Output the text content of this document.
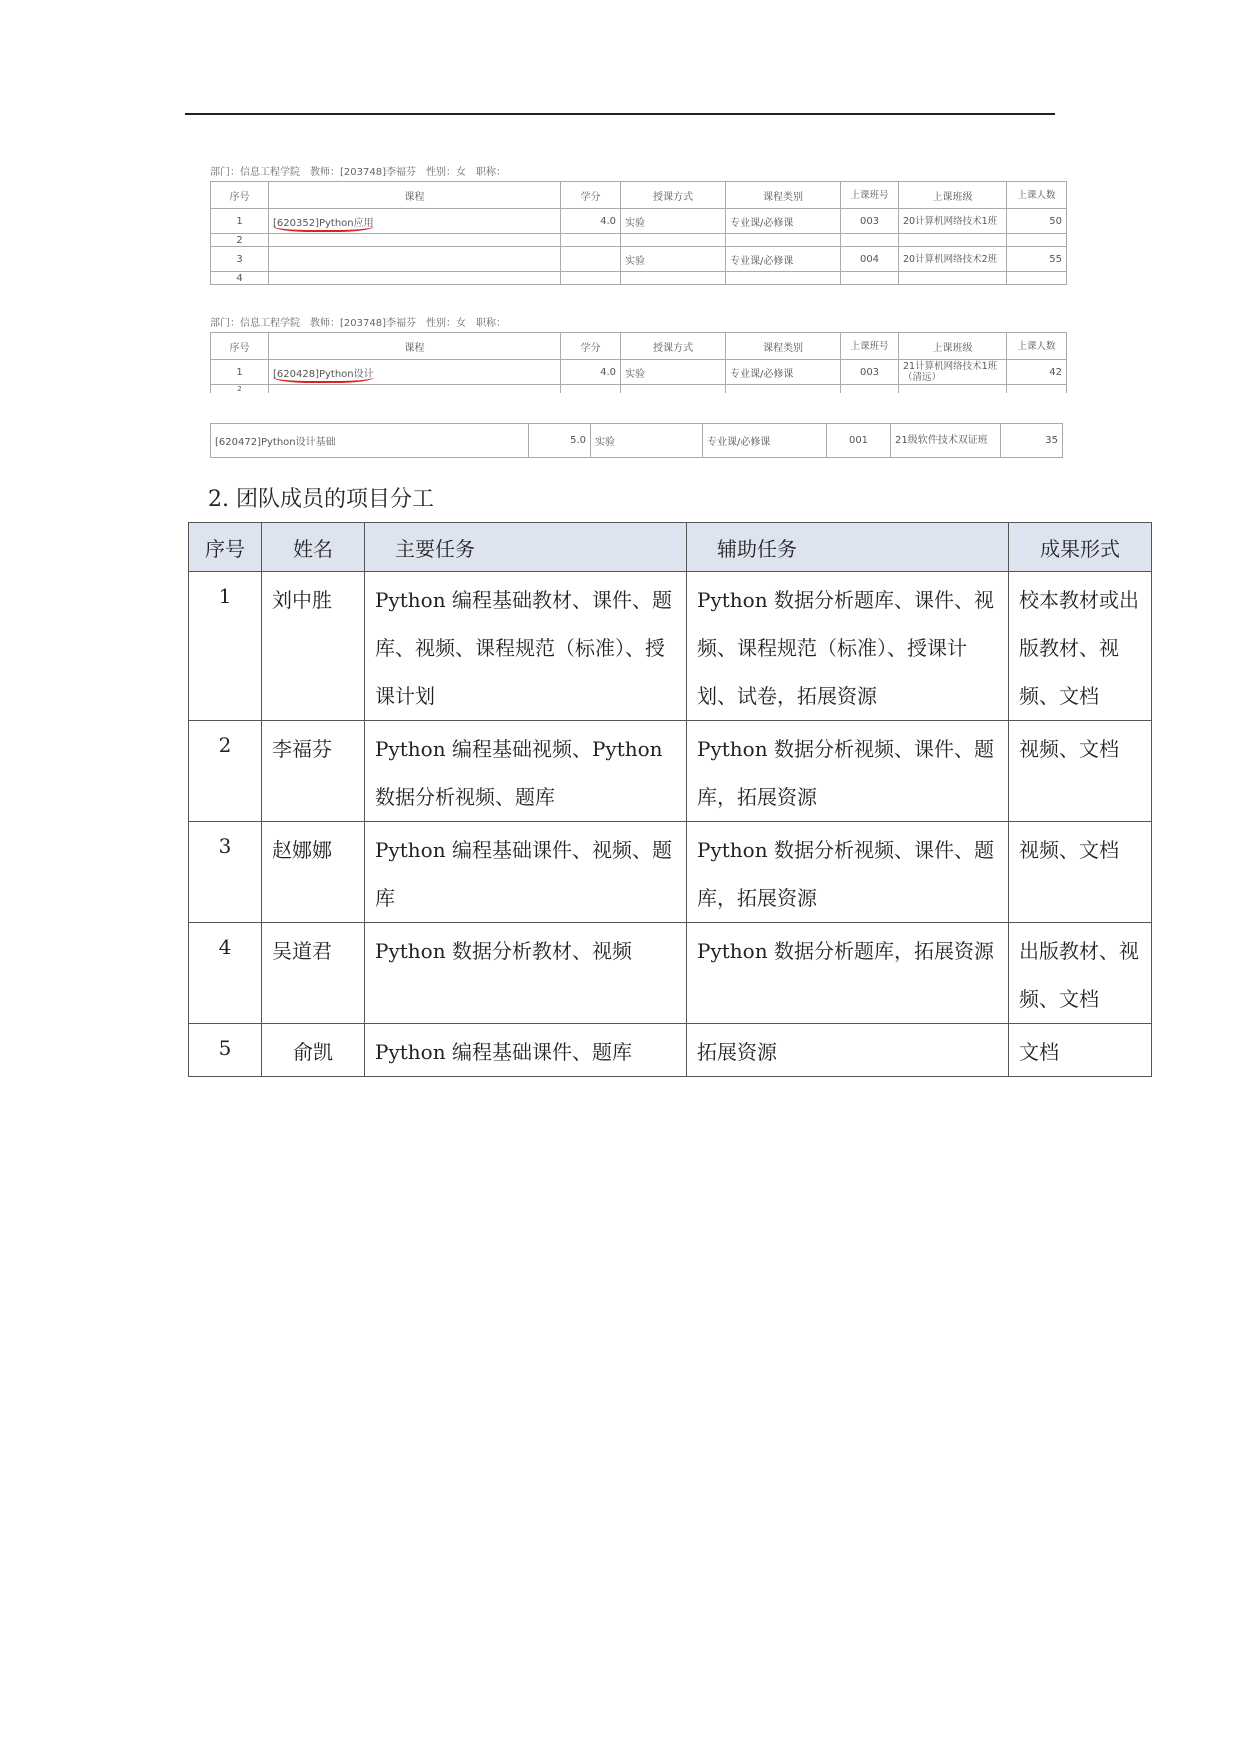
部门：信息工程学院　教师：[203748]李福芬　性别：女　职称：
序号	课程	学分	授课方式	课程类别	上课班号	上课班级	上课人数
1	[620352]Python应用	4.0	实验	专业课/必修课	003	20计算机网络技术1班	50
2							
3			实验	专业课/必修课	004	20计算机网络技术2班	55
4							
部门：信息工程学院　教师：[203748]李福芬　性别：女　职称：
序号	课程	学分	授课方式	课程类别	上课班号	上课班级	上课人数
1	[620428]Python设计	4.0	实验	专业课/必修课	003	21计算机网络技术1班（清远）	42
2							
[620472]Python设计基础	5.0	实验	专业课/必修课	001	21级软件技术双证班	35
2. 团队成员的项目分工
序号	姓名	主要任务	辅助任务	成果形式
1	刘中胜	Python 编程基础教材、课件、题库、视频、课程规范（标准）、授课计划	Python 数据分析题库、课件、视频、课程规范（标准）、授课计划、试卷，拓展资源	校本教材或出版教材、视频、文档
2	李福芬	Python 编程基础视频、Python 数据分析视频、题库	Python 数据分析视频、课件、题库，拓展资源	视频、文档
3	赵娜娜	Python 编程基础课件、视频、题库	Python 数据分析视频、课件、题库，拓展资源	视频、文档
4	吴道君	Python 数据分析教材、视频	Python 数据分析题库，拓展资源	出版教材、视频、文档
5	俞凯	Python 编程基础课件、题库	拓展资源	文档
